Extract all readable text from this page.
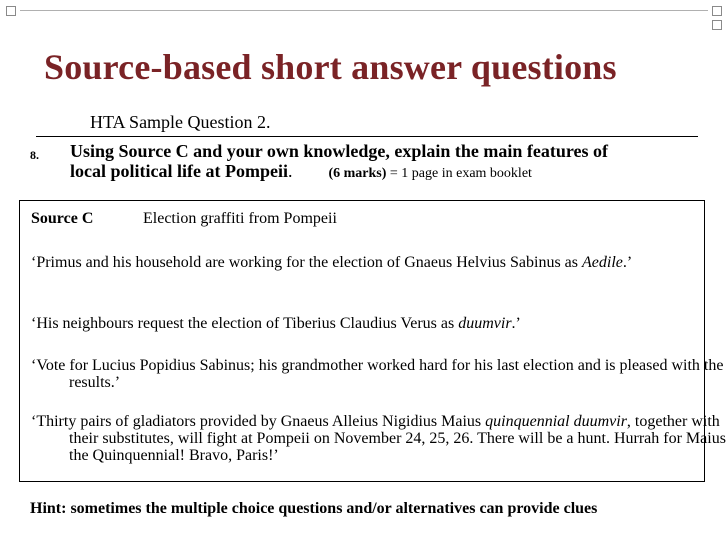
Source-based short answer questions
HTA Sample Question 2.
8. Using Source C and your own knowledge, explain the main features of
local political life at Pompeii.	(6 marks) = 1 page in exam booklet
Source C	Election graffiti from Pompeii
‘Primus and his household are working for the election of Gnaeus Helvius Sabinus as Aedile.’
‘His neighbours request the election of Tiberius Claudius Verus as duumvir.’
‘Vote for Lucius Popidius Sabinus; his grandmother worked hard for his last election and is pleased with the results.’
‘Thirty pairs of gladiators provided by Gnaeus Alleius Nigidius Maius quinquennial duumvir, together with their substitutes, will fight at Pompeii on November 24, 25, 26. There will be a hunt. Hurrah for Maius the Quinquennial! Bravo, Paris!’
Hint: sometimes the multiple choice questions and/or alternatives can provide clues
